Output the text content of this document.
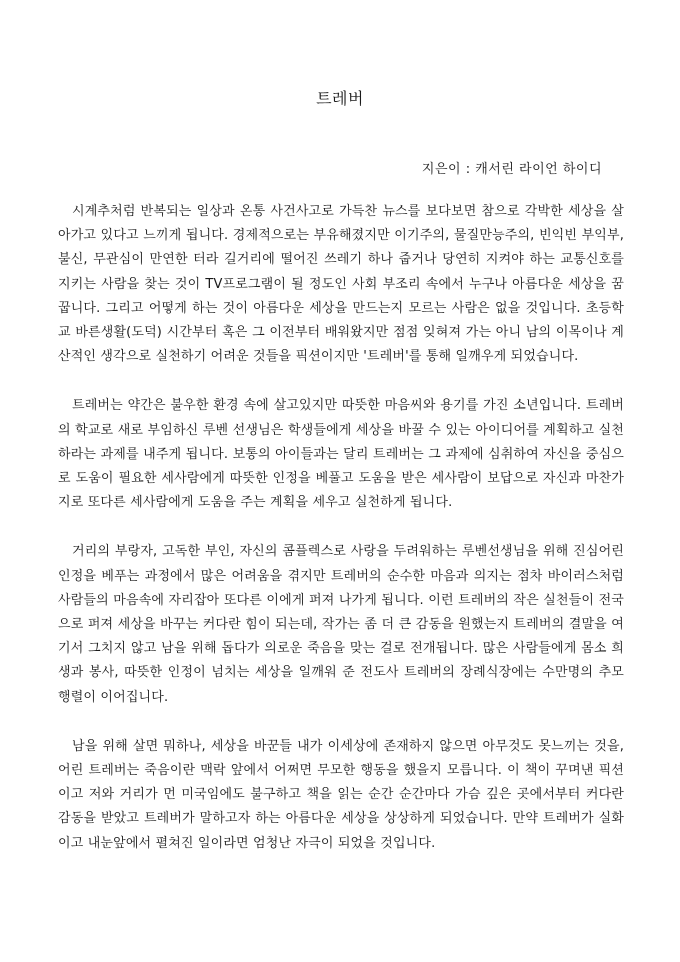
트레버
지은이 : 캐서린 라이언 하이디

시계추처럼 반복되는 일상과 온통 사건사고로 가득찬 뉴스를 보다보면 참으로 각박한 세상을 살아가고 있다고 느끼게 됩니다. 경제적으로는 부유해졌지만 이기주의, 물질만능주의, 빈익빈 부익부, 불신, 무관심이 만연한 터라 길거리에 떨어진 쓰레기 하나 줍거나 당연히 지켜야 하는 교통신호를 지키는 사람을 찾는 것이 TV프로그램이 될 정도인 사회 부조리 속에서 누구나 아름다운 세상을 꿈꿉니다. 그리고 어떻게 하는 것이 아름다운 세상을 만드는지 모르는 사람은 없을 것입니다. 초등학교 바른생활(도덕) 시간부터 혹은 그 이전부터 배워왔지만 점점 잊혀져 가는 아니 남의 이목이나 계산적인 생각으로 실천하기 어려운 것들을 픽션이지만 '트레버'를 통해 일깨우게 되었습니다.

트레버는 약간은 불우한 환경 속에 살고있지만 따뜻한 마음씨와 용기를 가진 소년입니다. 트레버의 학교로 새로 부임하신 루벤 선생님은 학생들에게 세상을 바꿀 수 있는 아이디어를 계획하고 실천하라는 과제를 내주게 됩니다. 보통의 아이들과는 달리 트레버는 그 과제에 심취하여 자신을 중심으로 도움이 필요한 세사람에게 따뜻한 인정을 베풀고 도움을 받은 세사람이 보답으로 자신과 마찬가지로 또다른 세사람에게 도움을 주는 계획을 세우고 실천하게 됩니다.

거리의 부랑자, 고독한 부인, 자신의 콤플렉스로 사랑을 두려워하는 루벤선생님을 위해 진심어린 인정을 베푸는 과정에서 많은 어려움을 겪지만 트레버의 순수한 마음과 의지는 점차 바이러스처럼 사람들의 마음속에 자리잡아 또다른 이에게 퍼져 나가게 됩니다. 이런 트레버의 작은 실천들이 전국으로 퍼져 세상을 바꾸는 커다란 힘이 되는데, 작가는 좀 더 큰 감동을 원했는지 트레버의 결말을 여기서 그치지 않고 남을 위해 돕다가 의로운 죽음을 맞는 걸로 전개됩니다. 많은 사람들에게 몸소 희생과 봉사, 따뜻한 인정이 넘치는 세상을 일깨워 준 전도사 트레버의 장례식장에는 수만명의 추모 행렬이 이어집니다.

남을 위해 살면 뭐하나, 세상을 바꾼들 내가 이세상에 존재하지 않으면 아무것도 못느끼는 것을, 어린 트레버는 죽음이란 맥락 앞에서 어쩌면 무모한 행동을 했을지 모릅니다. 이 책이 꾸며낸 픽션이고 저와 거리가 먼 미국임에도 불구하고 책을 읽는 순간 순간마다 가슴 깊은 곳에서부터 커다란 감동을 받았고 트레버가 말하고자 하는 아름다운 세상을 상상하게 되었습니다. 만약 트레버가 실화이고 내눈앞에서 펼쳐진 일이라면 엄청난 자극이 되었을 것입니다.
